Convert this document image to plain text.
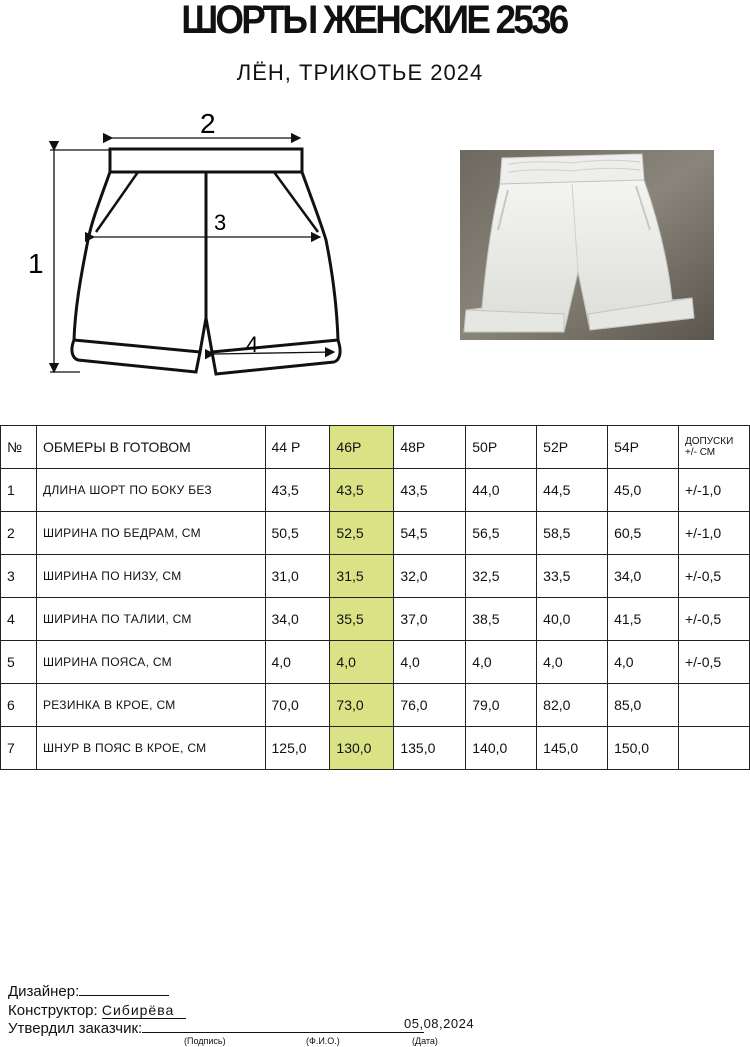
ШОРТЫ ЖЕНСКИЕ 2536
ЛЁН, ТРИКОТЬЕ 2024
1
2
3
4
№	ОБМЕРЫ В ГОТОВОМ	44 Р	46Р	48Р	50Р	52Р	54Р	ДОПУСКИ
+/- СМ
1	ДЛИНА ШОРТ ПО БОКУ БЕЗ	43,5	43,5	43,5	44,0	44,5	45,0	+/-1,0
2	ШИРИНА ПО БЕДРАМ, СМ	50,5	52,5	54,5	56,5	58,5	60,5	+/-1,0
3	ШИРИНА ПО НИЗУ, СМ	31,0	31,5	32,0	32,5	33,5	34,0	+/-0,5
4	ШИРИНА ПО ТАЛИИ, СМ	34,0	35,5	37,0	38,5	40,0	41,5	+/-0,5
5	ШИРИНА ПОЯСА, СМ	4,0	4,0	4,0	4,0	4,0	4,0	+/-0,5
6	РЕЗИНКА В КРОЕ, СМ	70,0	73,0	76,0	79,0	82,0	85,0	
7	ШНУР В ПОЯС В КРОЕ, СМ	125,0	130,0	135,0	140,0	145,0	150,0	
Дизайнер:
Конструктор: Сибирёва
Утвердил заказчик:	05,08,2024
(Подпись)	(Ф.И.О.)	(Дата)
